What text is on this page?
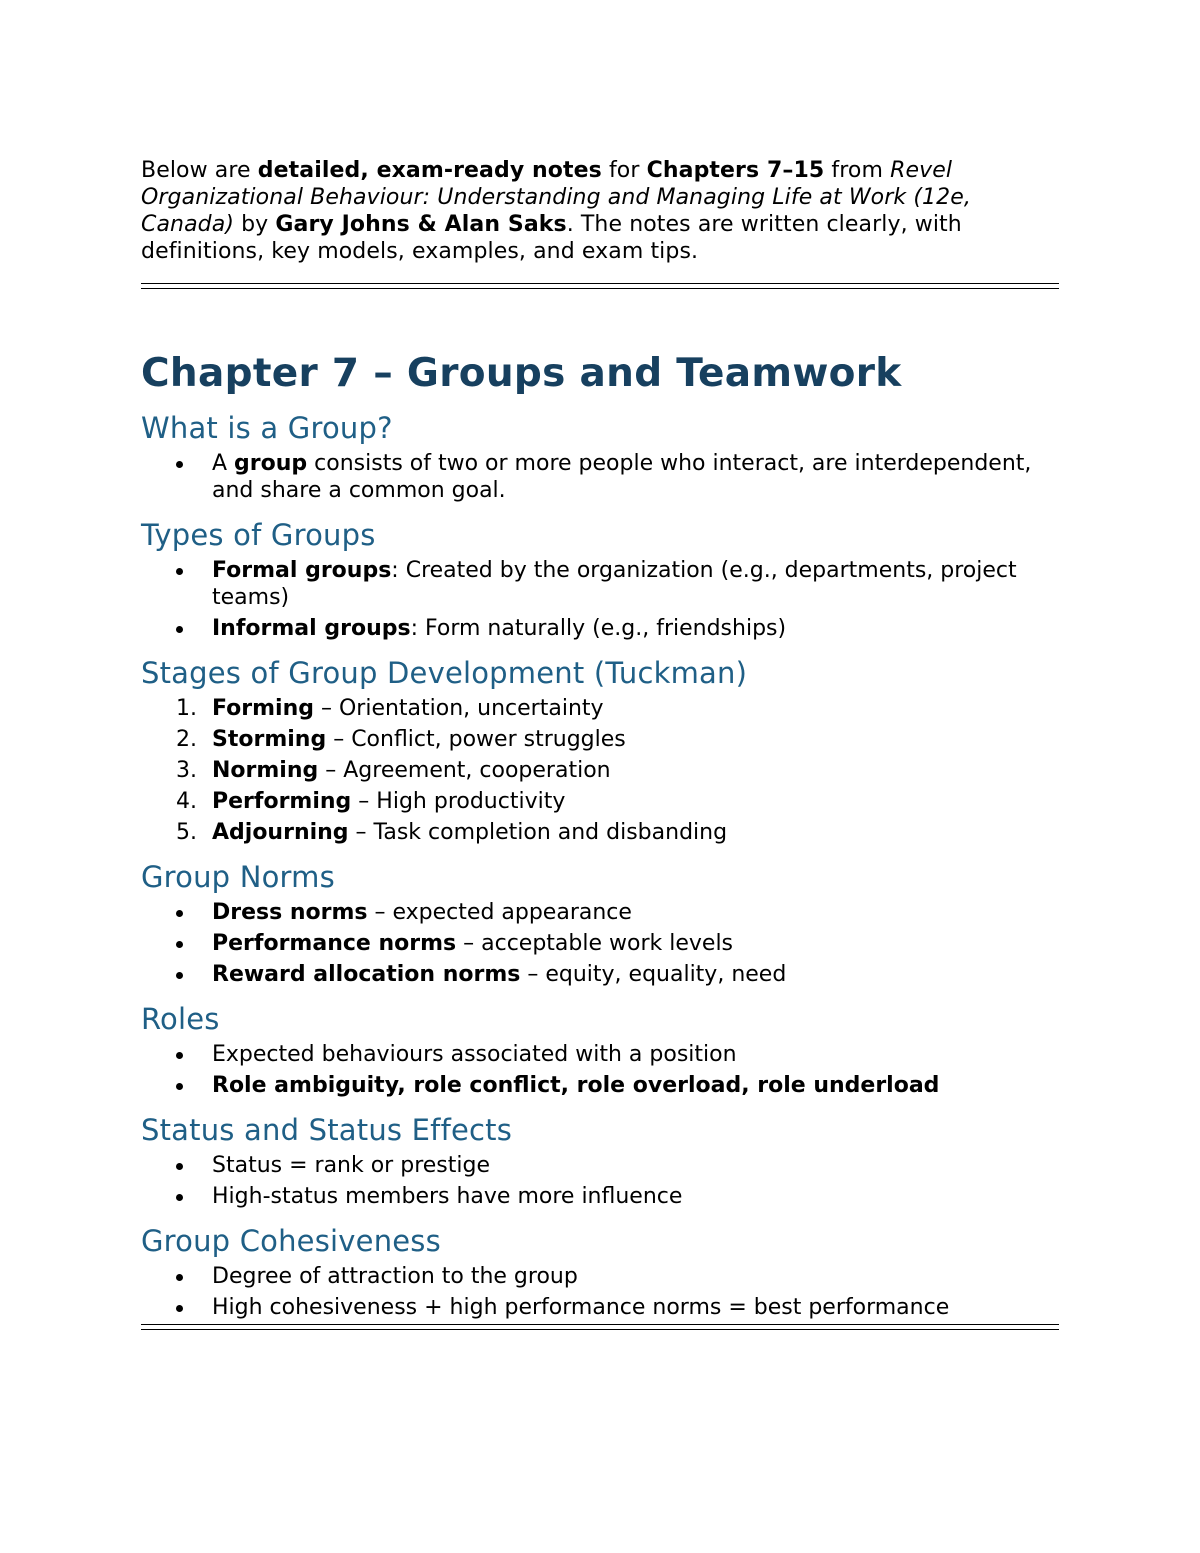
Below are detailed, exam-ready notes for Chapters 7–15 from Revel Organizational Behaviour: Understanding and Managing Life at Work (12e, Canada) by Gary Johns & Alan Saks. The notes are written clearly, with definitions, key models, examples, and exam tips.

Chapter 7 – Groups and Teamwork
What is a Group?
A group consists of two or more people who interact, are interdependent, and share a common goal.
Types of Groups
Formal groups: Created by the organization (e.g., departments, project teams)
Informal groups: Form naturally (e.g., friendships)
Stages of Group Development (Tuckman)
1. Forming – Orientation, uncertainty
2. Storming – Conflict, power struggles
3. Norming – Agreement, cooperation
4. Performing – High productivity
5. Adjourning – Task completion and disbanding
Group Norms
Dress norms – expected appearance
Performance norms – acceptable work levels
Reward allocation norms – equity, equality, need
Roles
Expected behaviours associated with a position
Role ambiguity, role conflict, role overload, role underload
Status and Status Effects
Status = rank or prestige
High-status members have more influence
Group Cohesiveness
Degree of attraction to the group
High cohesiveness + high performance norms = best performance
